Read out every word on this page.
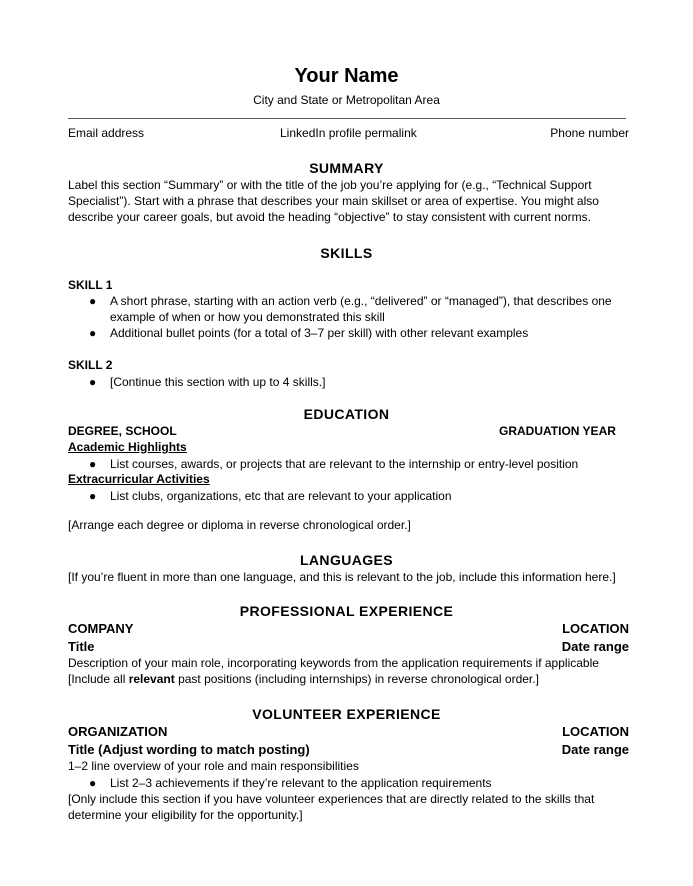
Your Name
City and State or Metropolitan Area
Email address	LinkedIn profile permalink	Phone number
SUMMARY
Label this section “Summary” or with the title of the job you’re applying for (e.g., “Technical Support Specialist”). Start with a phrase that describes your main skillset or area of expertise. You might also describe your career goals, but avoid the heading “objective” to stay consistent with current norms.
SKILLS
SKILL 1
● A short phrase, starting with an action verb (e.g., “delivered” or “managed”), that describes one example of when or how you demonstrated this skill
● Additional bullet points (for a total of 3–7 per skill) with other relevant examples
SKILL 2
● [Continue this section with up to 4 skills.]
EDUCATION
DEGREE, SCHOOL	GRADUATION YEAR
Academic Highlights
● List courses, awards, or projects that are relevant to the internship or entry-level position
Extracurricular Activities
● List clubs, organizations, etc that are relevant to your application
[Arrange each degree or diploma in reverse chronological order.]
LANGUAGES
[If you’re fluent in more than one language, and this is relevant to the job, include this information here.]
PROFESSIONAL EXPERIENCE
COMPANY	LOCATION
Title	Date range
Description of your main role, incorporating keywords from the application requirements if applicable
[Include all relevant past positions (including internships) in reverse chronological order.]
VOLUNTEER EXPERIENCE
ORGANIZATION	LOCATION
Title (Adjust wording to match posting)	Date range
1–2 line overview of your role and main responsibilities
● List 2–3 achievements if they’re relevant to the application requirements
[Only include this section if you have volunteer experiences that are directly related to the skills that determine your eligibility for the opportunity.]
